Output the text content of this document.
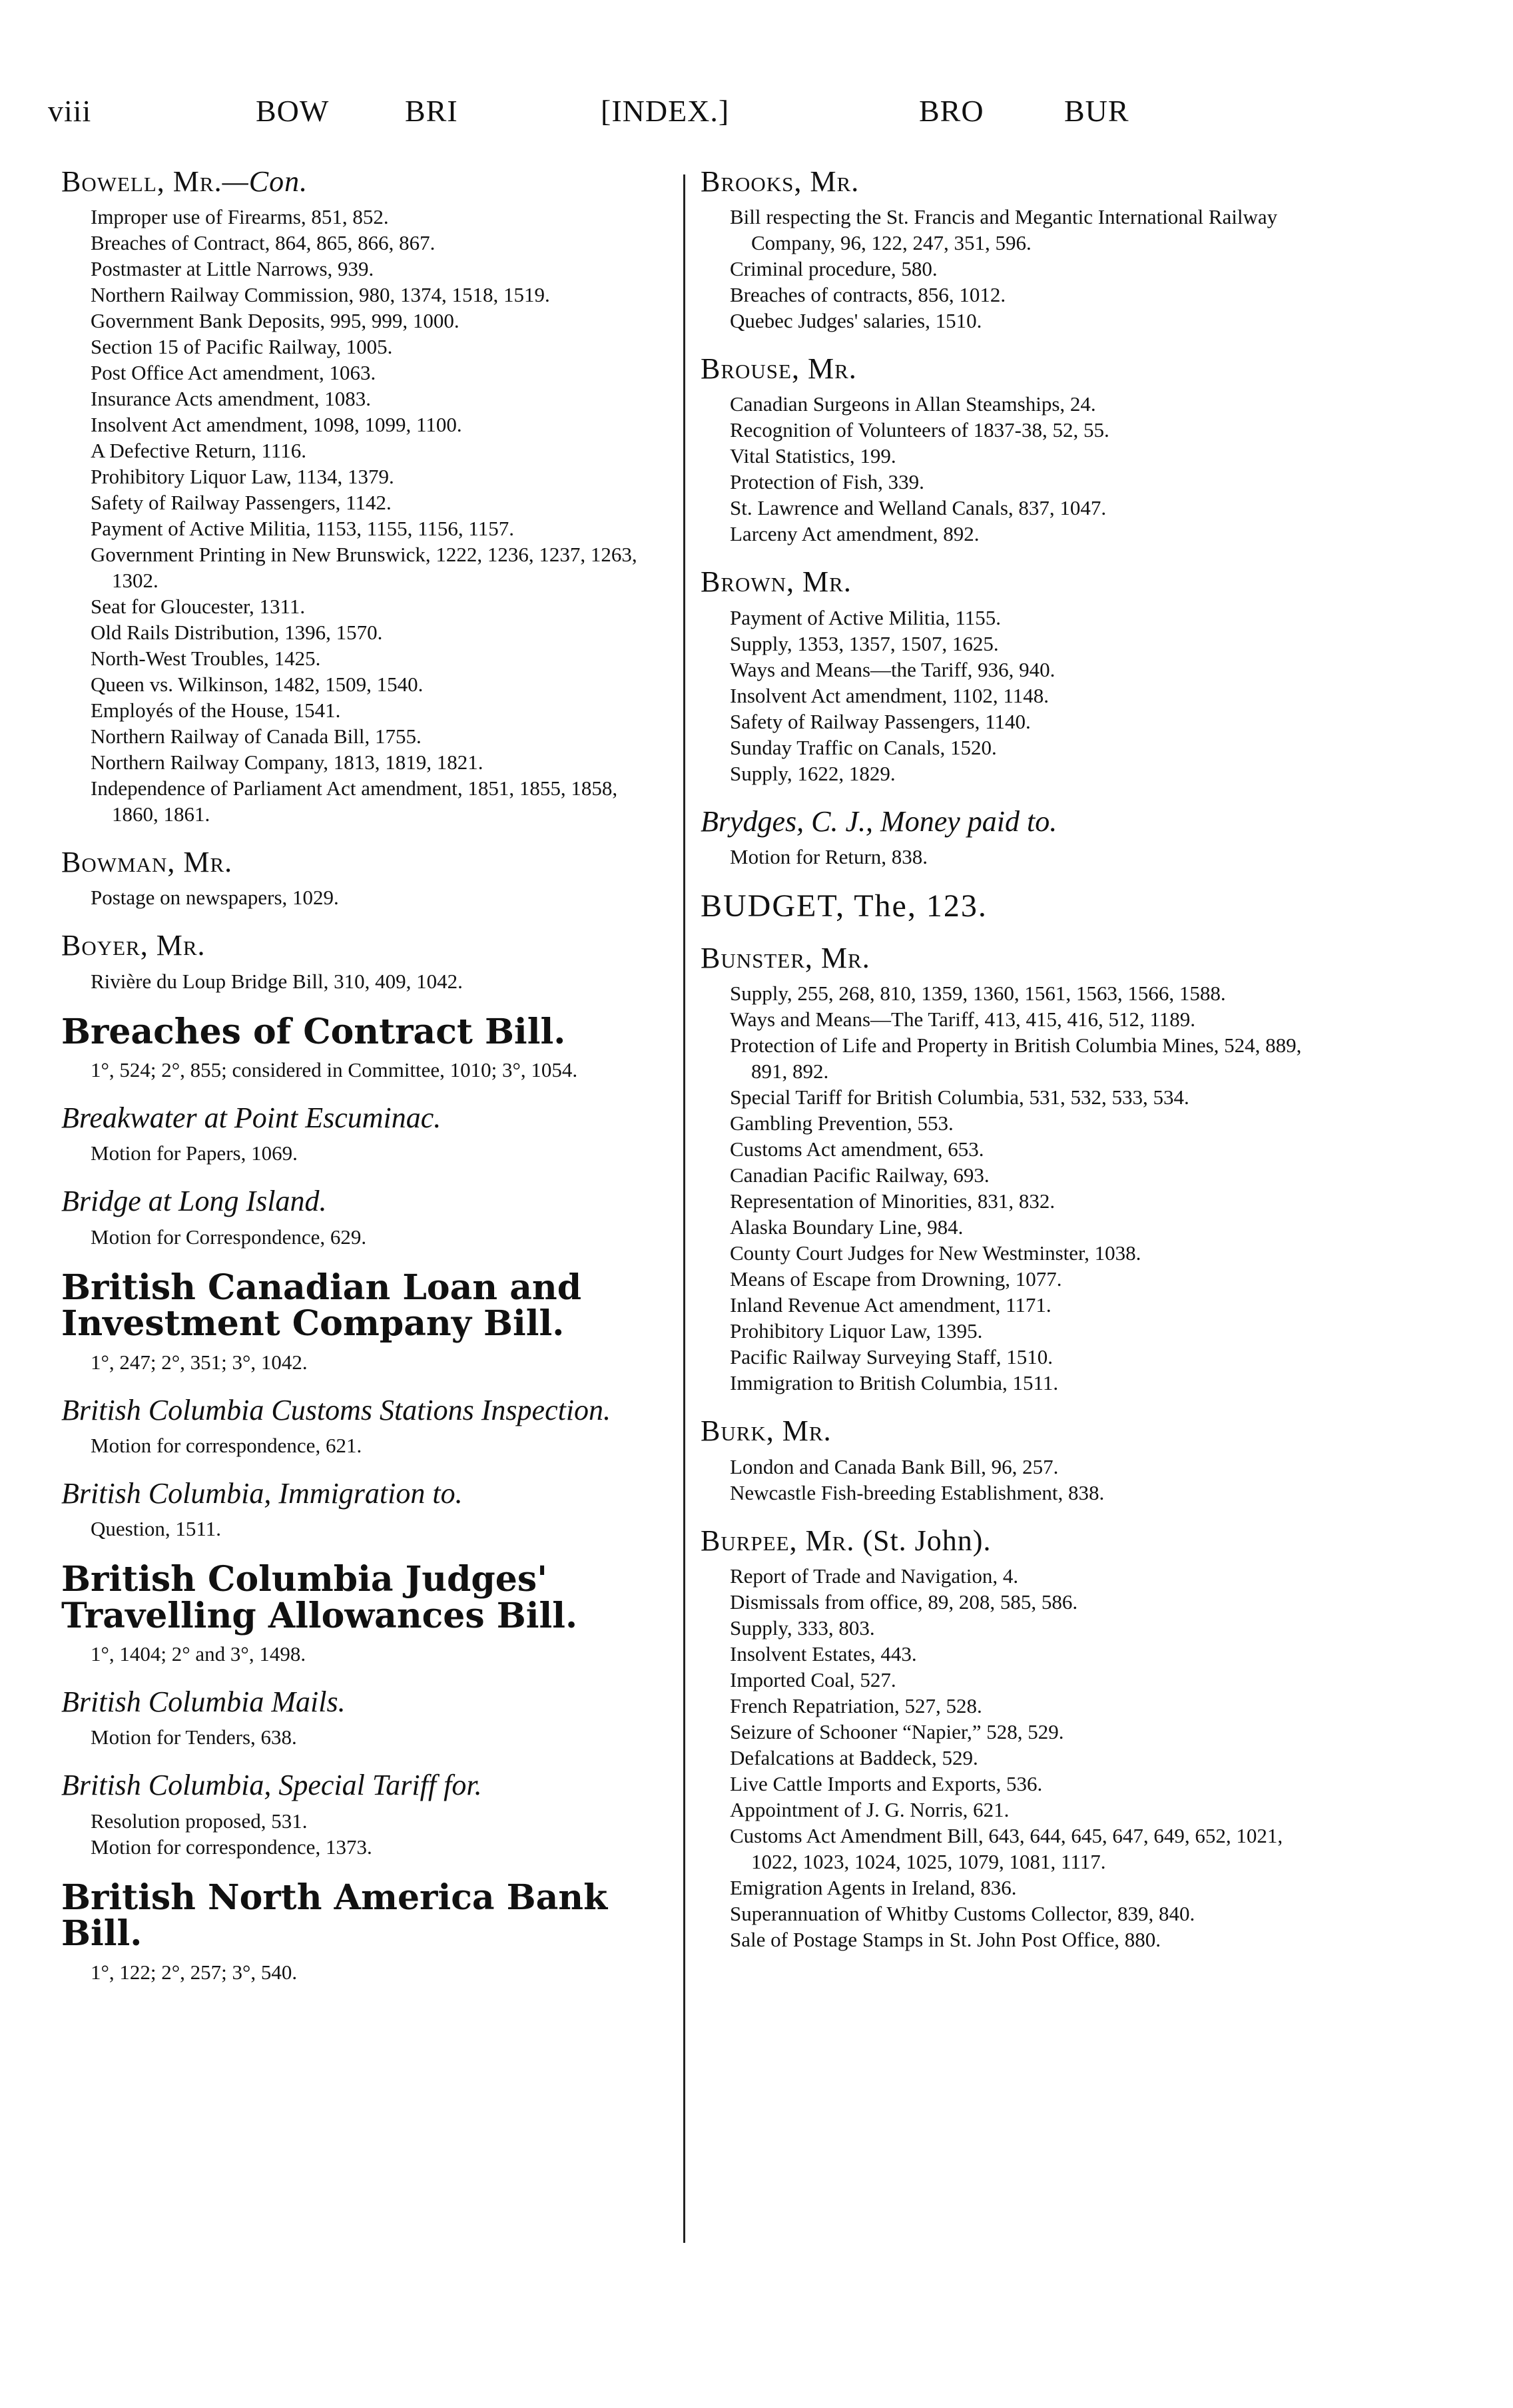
viii	BOW BRI	[INDEX.]	BRO	BUR
Bowell, Mr.—Con.
Improper use of Firearms, 851, 852.
Breaches of Contract, 864, 865, 866, 867.
Postmaster at Little Narrows, 939.
Northern Railway Commission, 980, 1374, 1518, 1519.
Government Bank Deposits, 995, 999, 1000.
Section 15 of Pacific Railway, 1005.
Post Office Act amendment, 1063.
Insurance Acts amendment, 1083.
Insolvent Act amendment, 1098, 1099, 1100.
A Defective Return, 1116.
Prohibitory Liquor Law, 1134, 1379.
Safety of Railway Passengers, 1142.
Payment of Active Militia, 1153, 1155, 1156, 1157.
Government Printing in New Brunswick, 1222, 1236, 1237, 1263, 1302.
Seat for Gloucester, 1311.
Old Rails Distribution, 1396, 1570.
North-West Troubles, 1425.
Queen vs. Wilkinson, 1482, 1509, 1540.
Employés of the House, 1541.
Northern Railway of Canada Bill, 1755.
Northern Railway Company, 1813, 1819, 1821.
Independence of Parliament Act amendment, 1851, 1855, 1858, 1860, 1861.
Bowman, Mr.
Postage on newspapers, 1029.
Boyer, Mr.
Rivière du Loup Bridge Bill, 310, 409, 1042.
Breaches of Contract Bill.
1°, 524; 2°, 855; considered in Committee, 1010; 3°, 1054.
Breakwater at Point Escuminac.
Motion for Papers, 1069.
Bridge at Long Island.
Motion for Correspondence, 629.
British Canadian Loan and Investment Company Bill.
1°, 247; 2°, 351; 3°, 1042.
British Columbia Customs Stations Inspection.
Motion for correspondence, 621.
British Columbia, Immigration to.
Question, 1511.
British Columbia Judges' Travelling Allowances Bill.
1°, 1404; 2° and 3°, 1498.
British Columbia Mails.
Motion for Tenders, 638.
British Columbia, Special Tariff for.
Resolution proposed, 531.
Motion for correspondence, 1373.
British North America Bank Bill.
1°, 122; 2°, 257; 3°, 540.
Brooks, Mr.
Bill respecting the St. Francis and Megantic International Railway Company, 96, 122, 247, 351, 596.
Criminal procedure, 580.
Breaches of contracts, 856, 1012.
Quebec Judges' salaries, 1510.
Brouse, Mr.
Canadian Surgeons in Allan Steamships, 24.
Recognition of Volunteers of 1837-38, 52, 55.
Vital Statistics, 199.
Protection of Fish, 339.
St. Lawrence and Welland Canals, 837, 1047.
Larceny Act amendment, 892.
Brown, Mr.
Payment of Active Militia, 1155.
Supply, 1353, 1357, 1507, 1625.
Ways and Means—the Tariff, 936, 940.
Insolvent Act amendment, 1102, 1148.
Safety of Railway Passengers, 1140.
Sunday Traffic on Canals, 1520.
Supply, 1622, 1829.
Brydges, C. J., Money paid to.
Motion for Return, 838.
BUDGET, The, 123.
Bunster, Mr.
Supply, 255, 268, 810, 1359, 1360, 1561, 1563, 1566, 1588.
Ways and Means—The Tariff, 413, 415, 416, 512, 1189.
Protection of Life and Property in British Columbia Mines, 524, 889, 891, 892.
Special Tariff for British Columbia, 531, 532, 533, 534.
Gambling Prevention, 553.
Customs Act amendment, 653.
Canadian Pacific Railway, 693.
Representation of Minorities, 831, 832.
Alaska Boundary Line, 984.
County Court Judges for New Westminster, 1038.
Means of Escape from Drowning, 1077.
Inland Revenue Act amendment, 1171.
Prohibitory Liquor Law, 1395.
Pacific Railway Surveying Staff, 1510.
Immigration to British Columbia, 1511.
Burk, Mr.
London and Canada Bank Bill, 96, 257.
Newcastle Fish-breeding Establishment, 838.
Burpee, Mr. (St. John).
Report of Trade and Navigation, 4.
Dismissals from office, 89, 208, 585, 586.
Supply, 333, 803.
Insolvent Estates, 443.
Imported Coal, 527.
French Repatriation, 527, 528.
Seizure of Schooner “Napier,” 528, 529.
Defalcations at Baddeck, 529.
Live Cattle Imports and Exports, 536.
Appointment of J. G. Norris, 621.
Customs Act Amendment Bill, 643, 644, 645, 647, 649, 652, 1021, 1022, 1023, 1024, 1025, 1079, 1081, 1117.
Emigration Agents in Ireland, 836.
Superannuation of Whitby Customs Collector, 839, 840.
Sale of Postage Stamps in St. John Post Office, 880.
